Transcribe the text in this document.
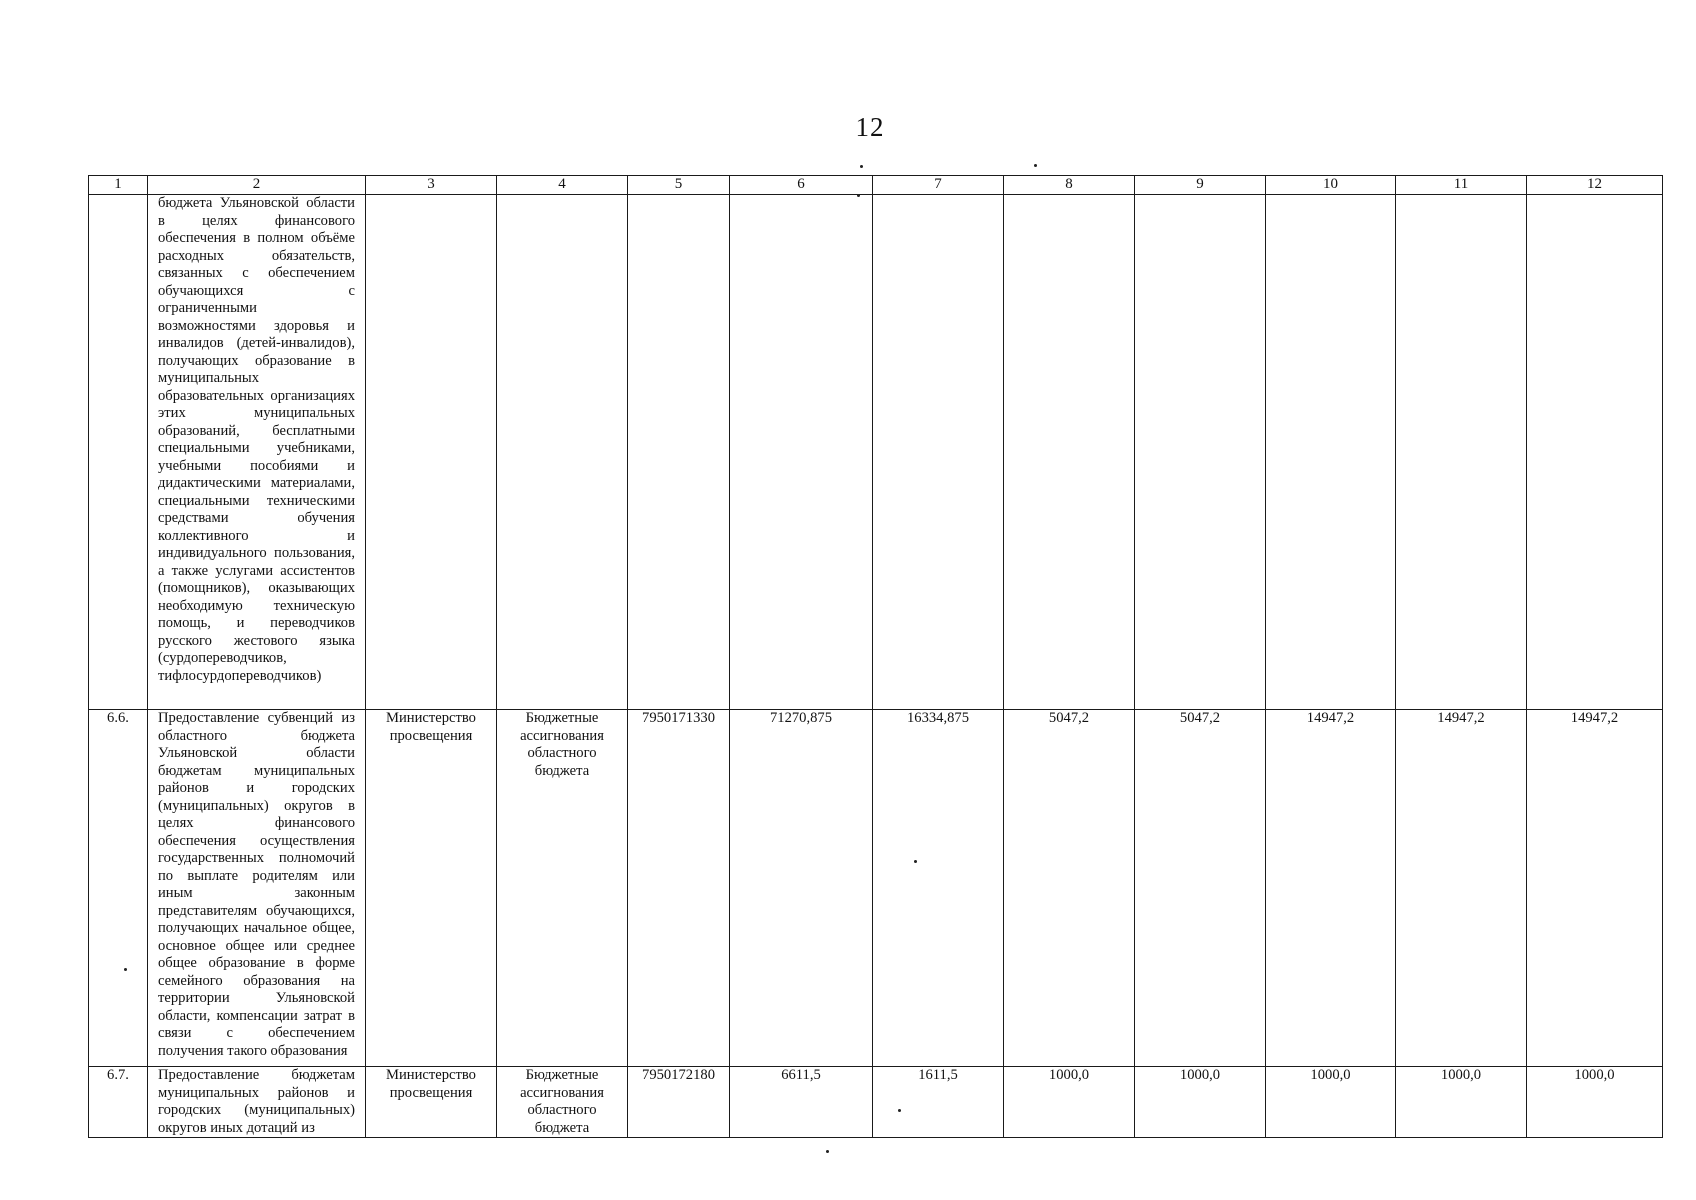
12
1	2	3	4	5	6	7	8	9	10	11	12
	бюджета Ульяновской области в целях финансового обеспечения в полном объёме расходных обязательств, связанных с обеспечением обучающихся с ограниченными возможностями здоровья и инвалидов (детей-инвалидов), получающих образование в муниципальных образовательных организациях этих муниципальных образований, бесплатными специальными учебниками, учебными пособиями и дидактическими материалами, специальными техническими средствами обучения коллективного и индивидуального пользования, а также услугами ассистентов (помощников), оказывающих необходимую техническую помощь, и переводчиков русского жестового языка (сурдопереводчиков, тифлосурдопереводчиков)										
6.6.	Предоставление субвенций из областного бюджета Ульяновской области бюджетам муниципальных районов и городских (муниципальных) округов в целях финансового обеспечения осуществления государственных полномочий по выплате родителям или иным законным представителям обучающихся, получающих начальное общее, основное общее или среднее общее образование в форме семейного образования на территории Ульяновской области, компенсации затрат в связи с обеспечением получения такого образования	Министерство просвещения	Бюджетные ассигнования областного бюджета	7950171330	71270,875	16334,875	5047,2	5047,2	14947,2	14947,2	14947,2
6.7.	Предоставление бюджетам муниципальных районов и городских (муниципальных) округов иных дотаций из	Министерство просвещения	Бюджетные ассигнования областного бюджета	7950172180	6611,5	1611,5	1000,0	1000,0	1000,0	1000,0	1000,0
